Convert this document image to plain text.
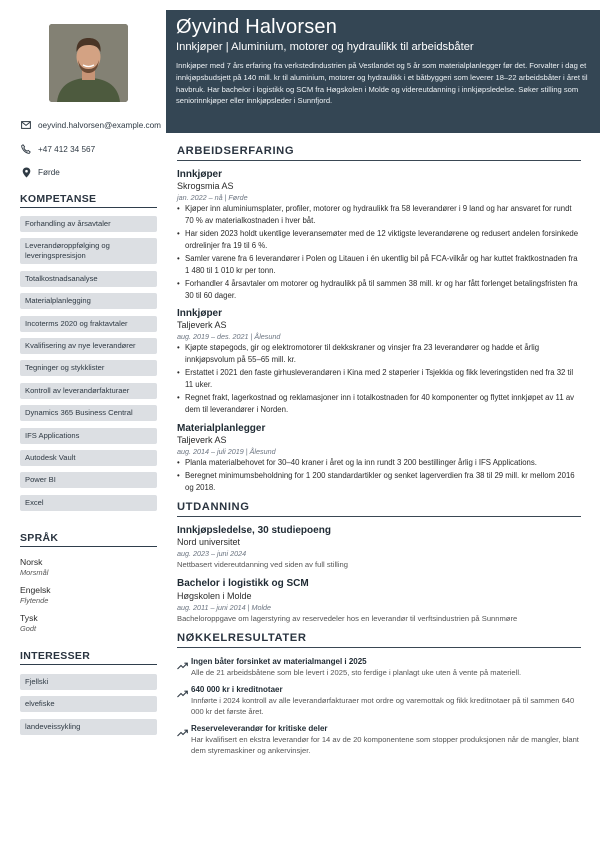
oeyvind.halvorsen@example.com
+47 412 34 567
Førde
KOMPETANSE
Forhandling av årsavtaler
Leverandøroppfølging og leveringspresisjon
Totalkostnadsanalyse
Materialplanlegging
Incoterms 2020 og fraktavtaler
Kvalifisering av nye leverandører
Tegninger og stykklister
Kontroll av leverandørfakturaer
Dynamics 365 Business Central
IFS Applications
Autodesk Vault
Power BI
Excel
SPRÅK
Norsk
Morsmål
Engelsk
Flytende
Tysk
Godt
INTERESSER
Fjellski
elvefiske
landeveissykling
Øyvind Halvorsen
Innkjøper | Aluminium, motorer og hydraulikk til arbeidsbåter
Innkjøper med 7 års erfaring fra verkstedindustrien på Vestlandet og 5 år som materialplanlegger før det. Forvalter i dag et innkjøpsbudsjett på 140 mill. kr til aluminium, motorer og hydraulikk i et båtbyggeri som leverer 18–22 arbeidsbåter i året til havbruk. Har bachelor i logistikk og SCM fra Høgskolen i Molde og videreutdanning i innkjøpsledelse. Søker stilling som seniorinnkjøper eller innkjøpsleder i Sunnfjord.
ARBEIDSERFARING
Innkjøper
Skrogsmia AS
jan. 2022 – nå | Førde
• Kjøper inn aluminiumsplater, profiler, motorer og hydraulikk fra 58 leverandører i 9 land og har ansvaret for rundt 70 % av materialkostnaden i hver båt.
• Har siden 2023 holdt ukentlige leveransemøter med de 12 viktigste leverandørene og redusert andelen forsinkede ordrelinjer fra 19 til 6 %.
• Samler varene fra 6 leverandører i Polen og Litauen i én ukentlig bil på FCA-vilkår og har kuttet fraktkostnaden fra 1 480 til 1 010 kr per tonn.
• Forhandler 4 årsavtaler om motorer og hydraulikk på til sammen 38 mill. kr og har fått forlenget betalingsfristen fra 30 til 60 dager.
Innkjøper
Taljeverk AS
aug. 2019 – des. 2021 | Ålesund
• Kjøpte støpegods, gir og elektromotorer til dekkskraner og vinsjer fra 23 leverandører og hadde et årlig innkjøpsvolum på 55–65 mill. kr.
• Erstattet i 2021 den faste girhusleverandøren i Kina med 2 støperier i Tsjekkia og fikk leveringstiden ned fra 32 til 11 uker.
• Regnet frakt, lagerkostnad og reklamasjoner inn i totalkostnaden for 40 komponenter og flyttet innkjøpet av 11 av dem til leverandører i Norden.
Materialplanlegger
Taljeverk AS
aug. 2014 – juli 2019 | Ålesund
• Planla materialbehovet for 30–40 kraner i året og la inn rundt 3 200 bestillinger årlig i IFS Applications.
• Beregnet minimumsbeholdning for 1 200 standardartikler og senket lagerverdien fra 38 til 29 mill. kr mellom 2016 og 2018.
UTDANNING
Innkjøpsledelse, 30 studiepoeng
Nord universitet
aug. 2023 – juni 2024
Nettbasert videreutdanning ved siden av full stilling
Bachelor i logistikk og SCM
Høgskolen i Molde
aug. 2011 – juni 2014 | Molde
Bacheloroppgave om lagerstyring av reservedeler hos en leverandør til verftsindustrien på Sunnmøre
NØKKELRESULTATER
Ingen båter forsinket av materialmangel i 2025
Alle de 21 arbeidsbåtene som ble levert i 2025, sto ferdige i planlagt uke uten å vente på materiell.
640 000 kr i kreditnotaer
Innførte i 2024 kontroll av alle leverandørfakturaer mot ordre og varemottak og fikk kreditnotaer på til sammen 640 000 kr det første året.
Reserveleverandør for kritiske deler
Har kvalifisert en ekstra leverandør for 14 av de 20 komponentene som stopper produksjonen når de mangler, blant dem styremaskiner og ankervinsjer.
